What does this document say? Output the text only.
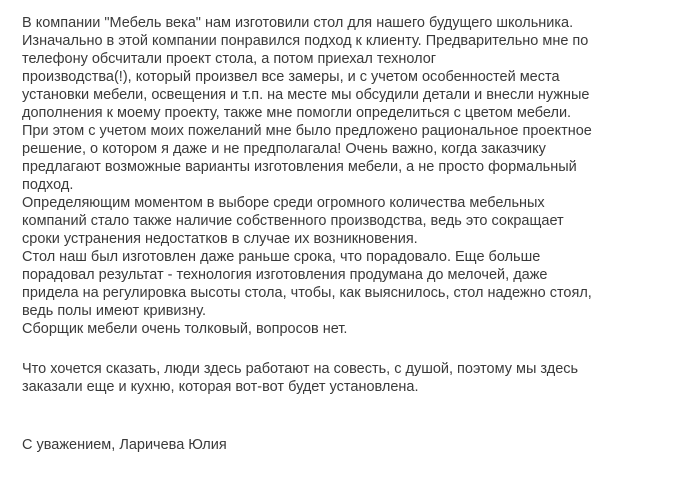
В компании "Мебель века" нам изготовили стол для нашего будущего школьника.
Изначально в этой компании понравился подход к клиенту. Предварительно мне по
телефону обсчитали проект стола, а потом приехал технолог
производства(!), который произвел все замеры, и с учетом особенностей места
установки мебели, освещения и т.п. на месте мы обсудили детали и внесли нужные
дополнения к моему проекту, также мне помогли определиться с цветом мебели.
При этом с учетом моих пожеланий мне было предложено рациональное проектное
решение, о котором я даже и не предполагала! Очень важно, когда заказчику
предлагают возможные варианты изготовления мебели, а не просто формальный
подход.
Определяющим моментом в выборе среди огромного количества мебельных
компаний стало также наличие собственного производства, ведь это сокращает
сроки устранения недостатков в случае их возникновения.
Стол наш был изготовлен даже раньше срока, что порадовало. Еще больше
порадовал результат - технология изготовления продумана до мелочей, даже
придела на регулировка высоты стола, чтобы, как выяснилось, стол надежно стоял,
ведь полы имеют кривизну.
Сборщик мебели очень толковый, вопросов нет.
Что хочется сказать, люди здесь работают на совесть, с душой, поэтому мы здесь
заказали еще и кухню, которая вот-вот будет установлена.
С уважением, Ларичева Юлия
